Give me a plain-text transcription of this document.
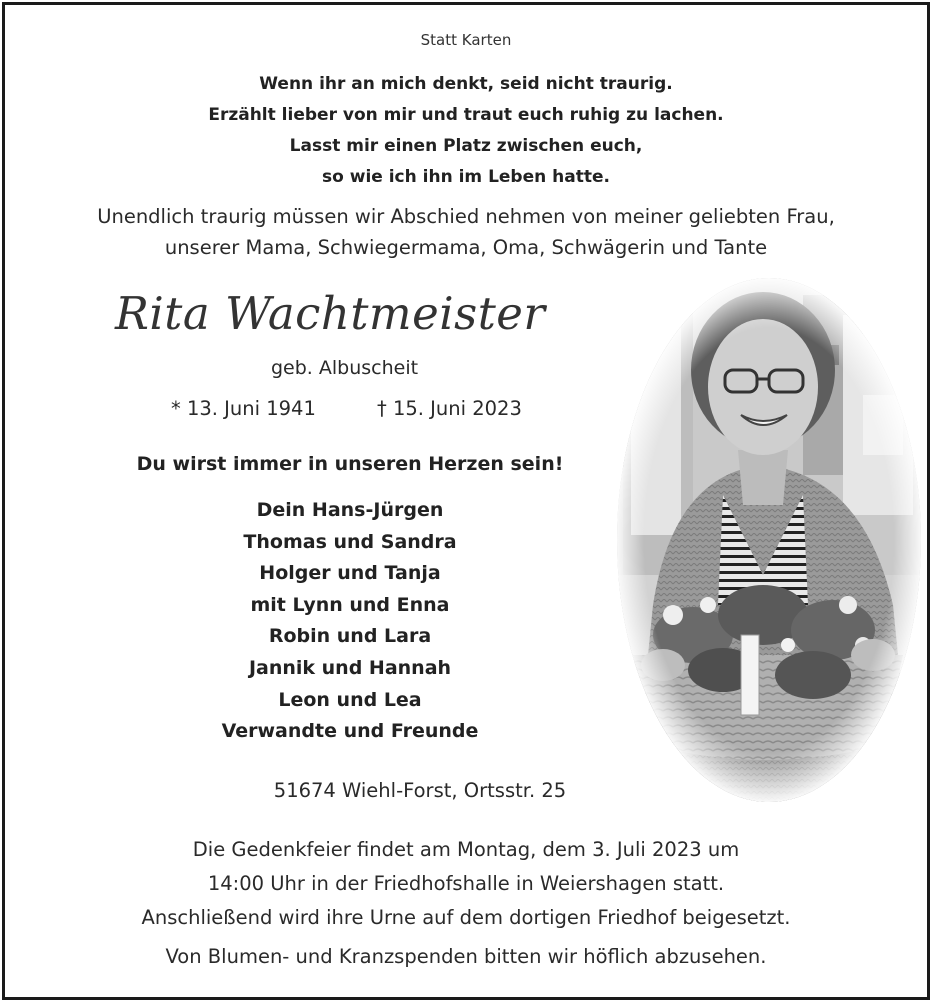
Statt Karten
Wenn ihr an mich denkt, seid nicht traurig.
Erzählt lieber von mir und traut euch ruhig zu lachen.
Lasst mir einen Platz zwischen euch,
so wie ich ihn im Leben hatte.
Unendlich traurig müssen wir Abschied nehmen von meiner geliebten Frau,
unserer Mama, Schwiegermama, Oma, Schwägerin und Tante
Rita Wachtmeister
geb. Albuscheit
* 13. Juni 1941	† 15. Juni 2023
Du wirst immer in unseren Herzen sein!
Dein Hans-Jürgen
Thomas und Sandra
Holger und Tanja
mit Lynn und Enna
Robin und Lara
Jannik und Hannah
Leon und Lea
Verwandte und Freunde
51674 Wiehl-Forst, Ortsstr. 25
Die Gedenkfeier findet am Montag, dem 3. Juli 2023 um
14:00 Uhr in der Friedhofshalle in Weiershagen statt.
Anschließend wird ihre Urne auf dem dortigen Friedhof beigesetzt.
Von Blumen- und Kranzspenden bitten wir höflich abzusehen.
